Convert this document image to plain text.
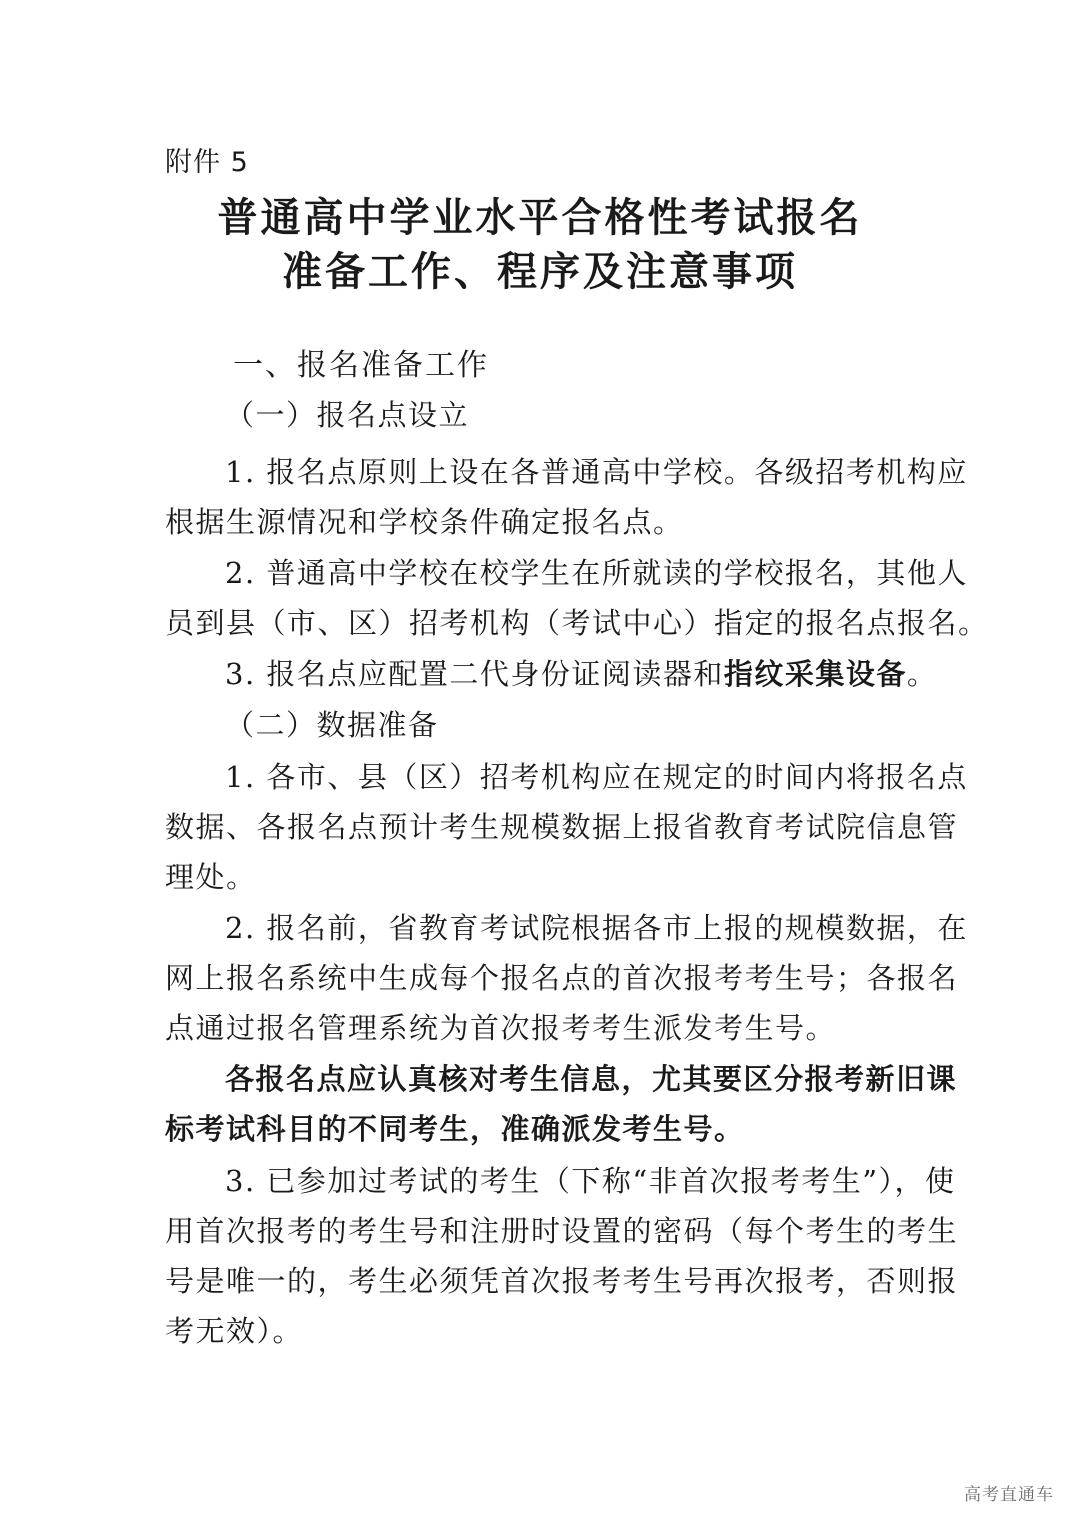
附件 5
普通高中学业水平合格性考试报名
准备工作、程序及注意事项
一、报名准备工作
（一）报名点设立
1. 报名点原则上设在各普通高中学校。各级招考机构应
根据生源情况和学校条件确定报名点。
2. 普通高中学校在校学生在所就读的学校报名，其他人
员到县（市、区）招考机构（考试中心）指定的报名点报名。
3. 报名点应配置二代身份证阅读器和指纹采集设备。
（二）数据准备
1. 各市、县（区）招考机构应在规定的时间内将报名点
数据、各报名点预计考生规模数据上报省教育考试院信息管
理处。
2. 报名前，省教育考试院根据各市上报的规模数据，在
网上报名系统中生成每个报名点的首次报考考生号；各报名
点通过报名管理系统为首次报考考生派发考生号。
各报名点应认真核对考生信息，尤其要区分报考新旧课
标考试科目的不同考生，准确派发考生号。
3. 已参加过考试的考生（下称“非首次报考考生”），使
用首次报考的考生号和注册时设置的密码（每个考生的考生
号是唯一的，考生必须凭首次报考考生号再次报考，否则报
考无效）。
高考直通车
